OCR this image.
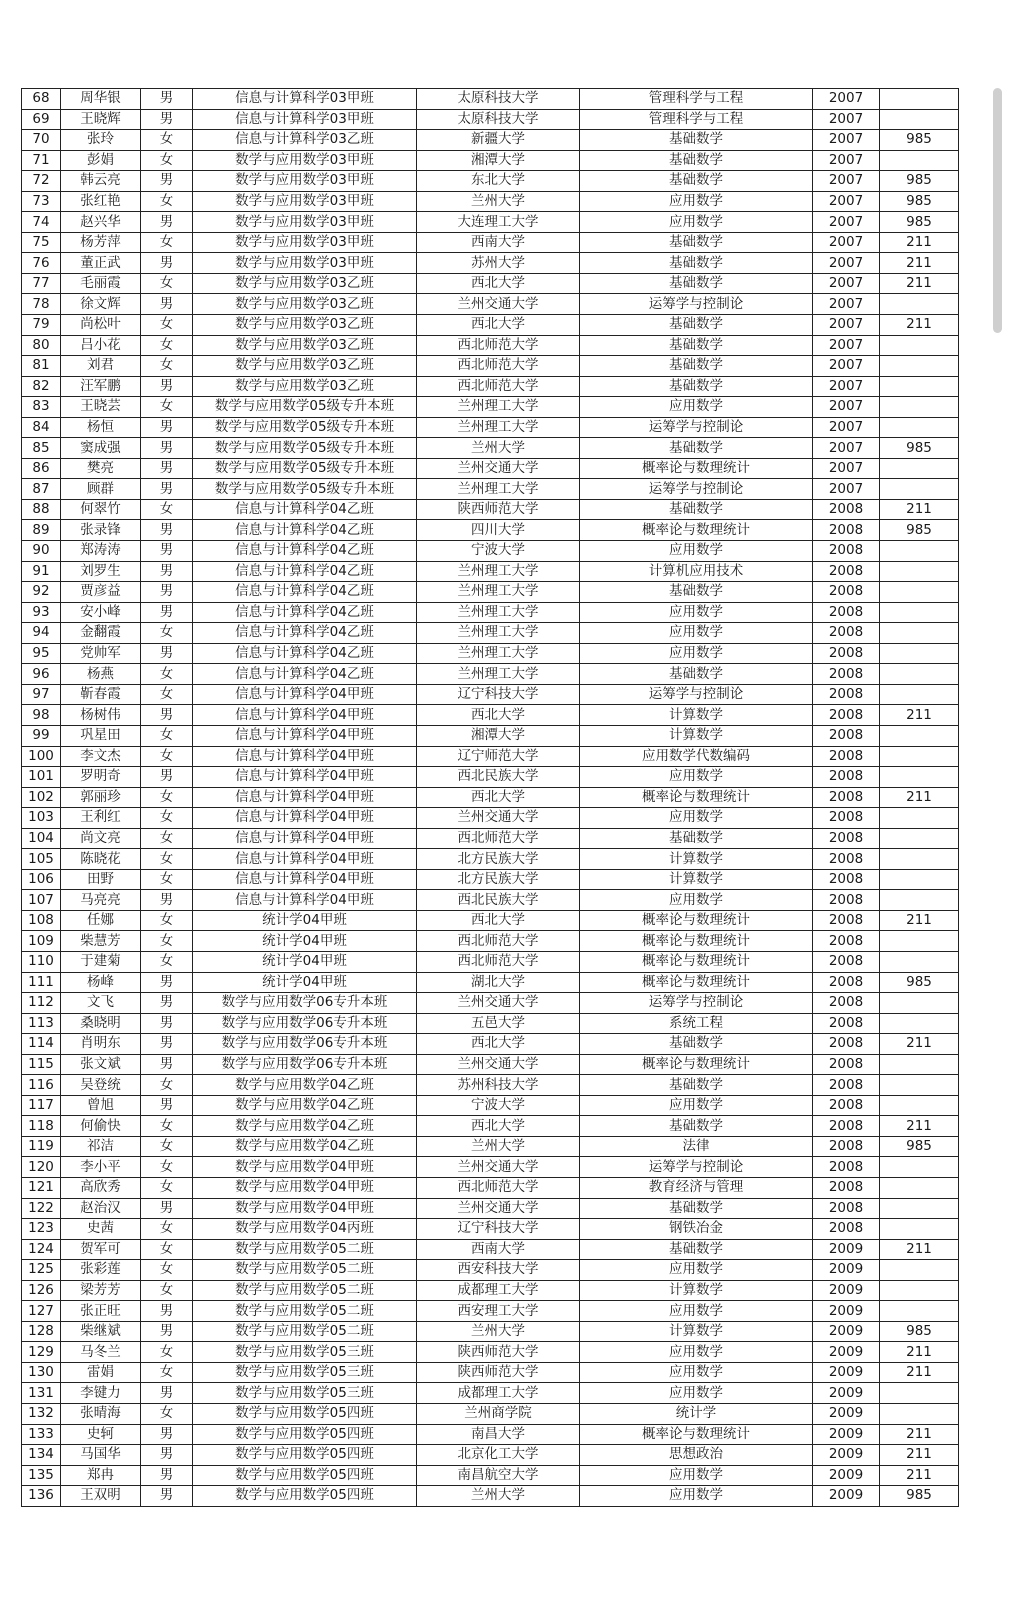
68	周华银	男	信息与计算科学03甲班	太原科技大学	管理科学与工程	2007	
69	王晓辉	男	信息与计算科学03甲班	太原科技大学	管理科学与工程	2007	
70	张玲	女	信息与计算科学03乙班	新疆大学	基础数学	2007	985
71	彭娟	女	数学与应用数学03甲班	湘潭大学	基础数学	2007	
72	韩云亮	男	数学与应用数学03甲班	东北大学	基础数学	2007	985
73	张红艳	女	数学与应用数学03甲班	兰州大学	应用数学	2007	985
74	赵兴华	男	数学与应用数学03甲班	大连理工大学	应用数学	2007	985
75	杨芳萍	女	数学与应用数学03甲班	西南大学	基础数学	2007	211
76	董正武	男	数学与应用数学03甲班	苏州大学	基础数学	2007	211
77	毛丽霞	女	数学与应用数学03乙班	西北大学	基础数学	2007	211
78	徐文辉	男	数学与应用数学03乙班	兰州交通大学	运筹学与控制论	2007	
79	尚松叶	女	数学与应用数学03乙班	西北大学	基础数学	2007	211
80	吕小花	女	数学与应用数学03乙班	西北师范大学	基础数学	2007	
81	刘君	女	数学与应用数学03乙班	西北师范大学	基础数学	2007	
82	汪军鹏	男	数学与应用数学03乙班	西北师范大学	基础数学	2007	
83	王晓芸	女	数学与应用数学05级专升本班	兰州理工大学	应用数学	2007	
84	杨恒	男	数学与应用数学05级专升本班	兰州理工大学	运筹学与控制论	2007	
85	窦成强	男	数学与应用数学05级专升本班	兰州大学	基础数学	2007	985
86	樊亮	男	数学与应用数学05级专升本班	兰州交通大学	概率论与数理统计	2007	
87	顾群	男	数学与应用数学05级专升本班	兰州理工大学	运筹学与控制论	2007	
88	何翠竹	女	信息与计算科学04乙班	陕西师范大学	基础数学	2008	211
89	张录锋	男	信息与计算科学04乙班	四川大学	概率论与数理统计	2008	985
90	郑涛涛	男	信息与计算科学04乙班	宁波大学	应用数学	2008	
91	刘罗生	男	信息与计算科学04乙班	兰州理工大学	计算机应用技术	2008	
92	贾彦益	男	信息与计算科学04乙班	兰州理工大学	基础数学	2008	
93	安小峰	男	信息与计算科学04乙班	兰州理工大学	应用数学	2008	
94	金翻霞	女	信息与计算科学04乙班	兰州理工大学	应用数学	2008	
95	党帅军	男	信息与计算科学04乙班	兰州理工大学	应用数学	2008	
96	杨燕	女	信息与计算科学04乙班	兰州理工大学	基础数学	2008	
97	靳春霞	女	信息与计算科学04甲班	辽宁科技大学	运筹学与控制论	2008	
98	杨树伟	男	信息与计算科学04甲班	西北大学	计算数学	2008	211
99	巩星田	女	信息与计算科学04甲班	湘潭大学	计算数学	2008	
100	李文杰	女	信息与计算科学04甲班	辽宁师范大学	应用数学代数编码	2008	
101	罗明奇	男	信息与计算科学04甲班	西北民族大学	应用数学	2008	
102	郭丽珍	女	信息与计算科学04甲班	西北大学	概率论与数理统计	2008	211
103	王利红	女	信息与计算科学04甲班	兰州交通大学	应用数学	2008	
104	尚文亮	女	信息与计算科学04甲班	西北师范大学	基础数学	2008	
105	陈晓花	女	信息与计算科学04甲班	北方民族大学	计算数学	2008	
106	田野	女	信息与计算科学04甲班	北方民族大学	计算数学	2008	
107	马亮亮	男	信息与计算科学04甲班	西北民族大学	应用数学	2008	
108	任娜	女	统计学04甲班	西北大学	概率论与数理统计	2008	211
109	柴慧芳	女	统计学04甲班	西北师范大学	概率论与数理统计	2008	
110	于建菊	女	统计学04甲班	西北师范大学	概率论与数理统计	2008	
111	杨峰	男	统计学04甲班	湖北大学	概率论与数理统计	2008	985
112	文飞	男	数学与应用数学06专升本班	兰州交通大学	运筹学与控制论	2008	
113	桑晓明	男	数学与应用数学06专升本班	五邑大学	系统工程	2008	
114	肖明东	男	数学与应用数学06专升本班	西北大学	基础数学	2008	211
115	张文斌	男	数学与应用数学06专升本班	兰州交通大学	概率论与数理统计	2008	
116	吴登统	女	数学与应用数学04乙班	苏州科技大学	基础数学	2008	
117	曾旭	男	数学与应用数学04乙班	宁波大学	应用数学	2008	
118	何偷快	女	数学与应用数学04乙班	西北大学	基础数学	2008	211
119	祁洁	女	数学与应用数学04乙班	兰州大学	法律	2008	985
120	李小平	女	数学与应用数学04甲班	兰州交通大学	运筹学与控制论	2008	
121	高欣秀	女	数学与应用数学04甲班	西北师范大学	教育经济与管理	2008	
122	赵治汉	男	数学与应用数学04甲班	兰州交通大学	基础数学	2008	
123	史茜	女	数学与应用数学04丙班	辽宁科技大学	钢铁冶金	2008	
124	贺军可	女	数学与应用数学05二班	西南大学	基础数学	2009	211
125	张彩莲	女	数学与应用数学05二班	西安科技大学	应用数学	2009	
126	梁芳芳	女	数学与应用数学05二班	成都理工大学	计算数学	2009	
127	张正旺	男	数学与应用数学05二班	西安理工大学	应用数学	2009	
128	柴继斌	男	数学与应用数学05二班	兰州大学	计算数学	2009	985
129	马冬兰	女	数学与应用数学05三班	陕西师范大学	应用数学	2009	211
130	雷娟	女	数学与应用数学05三班	陕西师范大学	应用数学	2009	211
131	李键力	男	数学与应用数学05三班	成都理工大学	应用数学	2009	
132	张晴海	女	数学与应用数学05四班	兰州商学院	统计学	2009	
133	史轲	男	数学与应用数学05四班	南昌大学	概率论与数理统计	2009	211
134	马国华	男	数学与应用数学05四班	北京化工大学	思想政治	2009	211
135	郑冉	男	数学与应用数学05四班	南昌航空大学	应用数学	2009	211
136	王双明	男	数学与应用数学05四班	兰州大学	应用数学	2009	985
